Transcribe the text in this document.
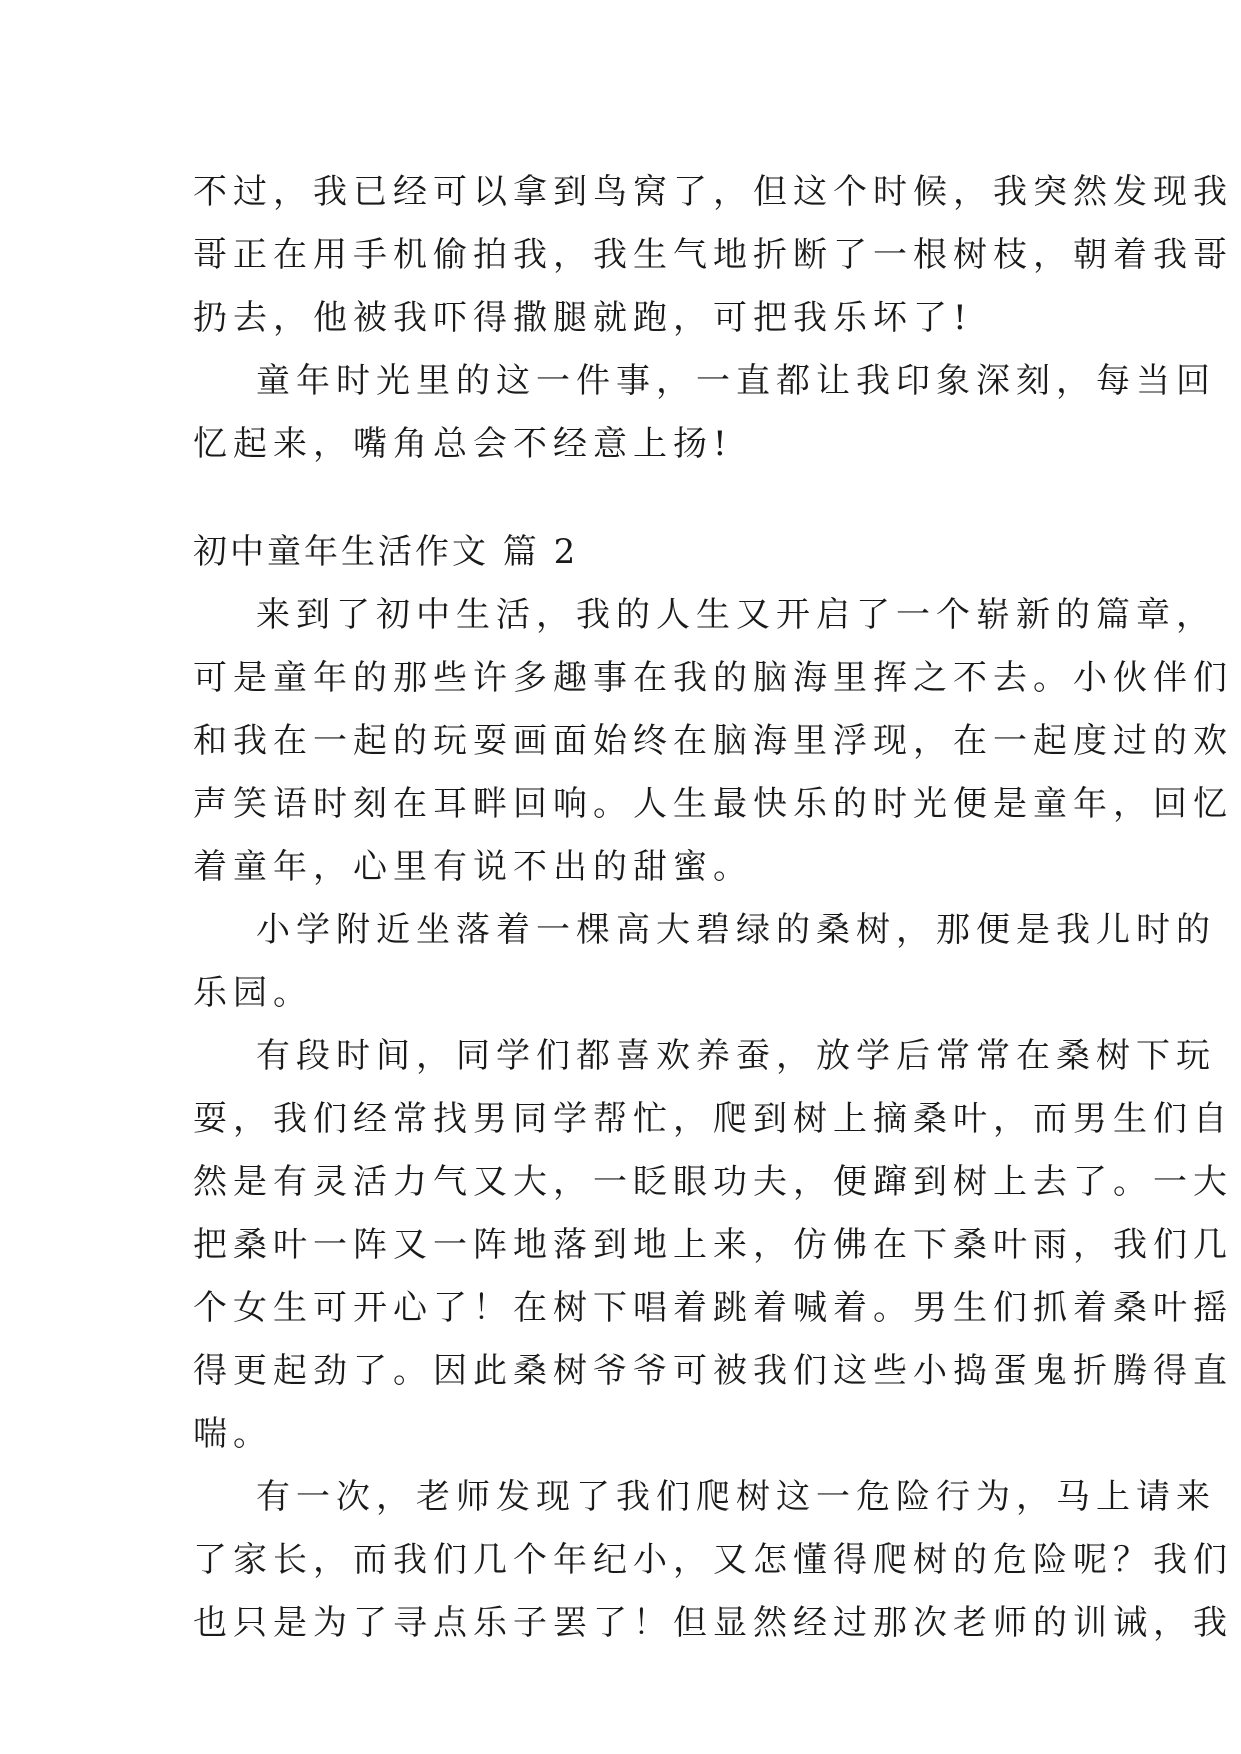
不过，我已经可以拿到鸟窝了，但这个时候，我突然发现我
哥正在用手机偷拍我，我生气地折断了一根树枝，朝着我哥
扔去，他被我吓得撒腿就跑，可把我乐坏了!
童年时光里的这一件事，一直都让我印象深刻，每当回
忆起来，嘴角总会不经意上扬!
初中童年生活作文 篇 2
来到了初中生活，我的人生又开启了一个崭新的篇章，
可是童年的那些许多趣事在我的脑海里挥之不去。小伙伴们
和我在一起的玩耍画面始终在脑海里浮现，在一起度过的欢
声笑语时刻在耳畔回响。人生最快乐的时光便是童年，回忆
着童年，心里有说不出的甜蜜。
小学附近坐落着一棵高大碧绿的桑树，那便是我儿时的
乐园。
有段时间，同学们都喜欢养蚕，放学后常常在桑树下玩
耍，我们经常找男同学帮忙，爬到树上摘桑叶，而男生们自
然是有灵活力气又大，一眨眼功夫，便蹿到树上去了。一大
把桑叶一阵又一阵地落到地上来，仿佛在下桑叶雨，我们几
个女生可开心了！在树下唱着跳着喊着。男生们抓着桑叶摇
得更起劲了。因此桑树爷爷可被我们这些小捣蛋鬼折腾得直
喘。
有一次，老师发现了我们爬树这一危险行为，马上请来
了家长，而我们几个年纪小，又怎懂得爬树的危险呢？我们
也只是为了寻点乐子罢了！但显然经过那次老师的训诫，我
